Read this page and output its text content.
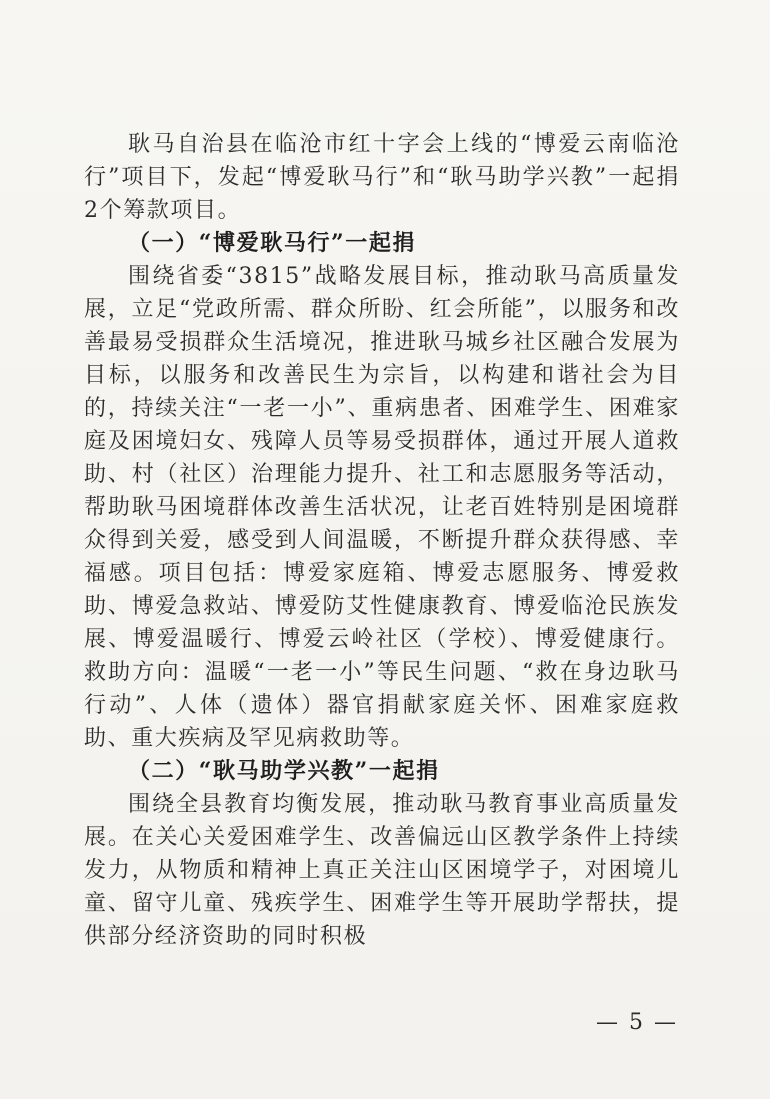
耿马自治县在临沧市红十字会上线的“博爱云南临沧行”项目下，发起“博爱耿马行”和“耿马助学兴教”一起捐2个筹款项目。

（一）“博爱耿马行”一起捐

围绕省委“3815”战略发展目标，推动耿马高质量发展，立足“党政所需、群众所盼、红会所能”，以服务和改善最易受损群众生活境况，推进耿马城乡社区融合发展为目标，以服务和改善民生为宗旨，以构建和谐社会为目的，持续关注“一老一小”、重病患者、困难学生、困难家庭及困境妇女、残障人员等易受损群体，通过开展人道救助、村（社区）治理能力提升、社工和志愿服务等活动，帮助耿马困境群体改善生活状况，让老百姓特别是困境群众得到关爱，感受到人间温暖，不断提升群众获得感、幸福感。项目包括：博爱家庭箱、博爱志愿服务、博爱救助、博爱急救站、博爱防艾性健康教育、博爱临沧民族发展、博爱温暖行、博爱云岭社区（学校）、博爱健康行。救助方向：温暖“一老一小”等民生问题、“救在身边耿马行动”、人体（遗体）器官捐献家庭关怀、困难家庭救助、重大疾病及罕见病救助等。

（二）“耿马助学兴教”一起捐

围绕全县教育均衡发展，推动耿马教育事业高质量发展。在关心关爱困难学生、改善偏远山区教学条件上持续发力，从物质和精神上真正关注山区困境学子，对困境儿童、留守儿童、残疾学生、困难学生等开展助学帮扶，提供部分经济资助的同时积极

— 5 —
